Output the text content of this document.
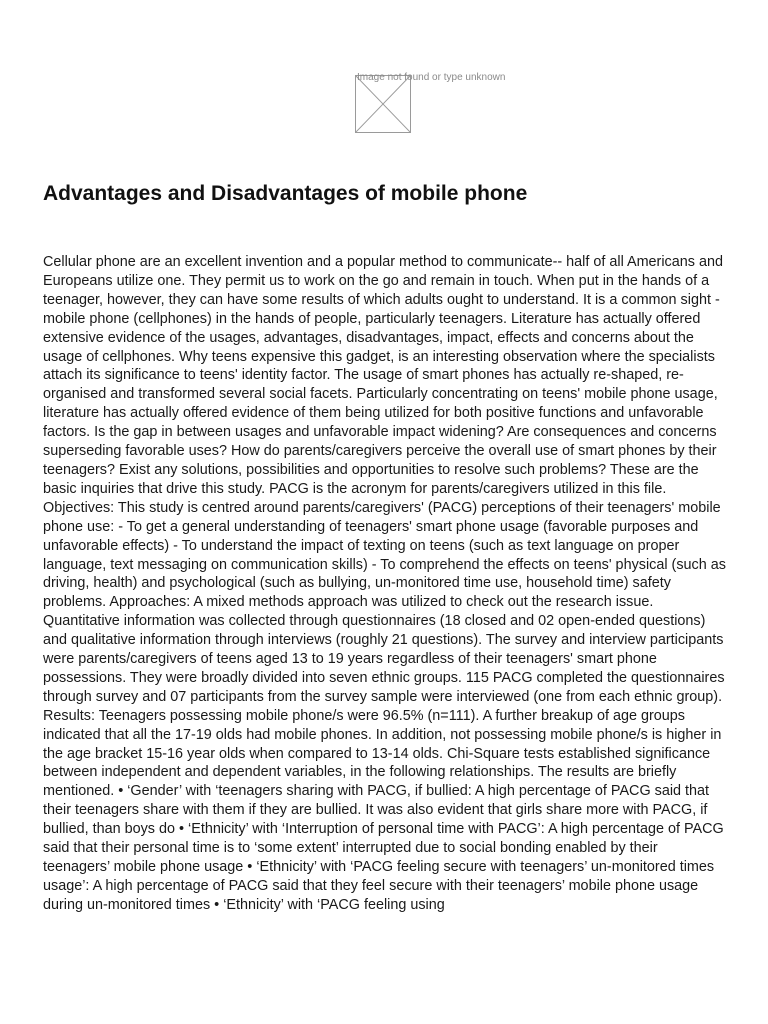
Image not found or type unknown
Advantages and Disadvantages of mobile phone

Cellular phone are an excellent invention and a popular method to communicate-- half of all Americans and Europeans utilize one. They permit us to work on the go and remain in touch. When put in the hands of a teenager, however, they can have some results of which adults ought to understand. It is a common sight - mobile phone (cellphones) in the hands of people, particularly teenagers. Literature has actually offered extensive evidence of the usages, advantages, disadvantages, impact, effects and concerns about the usage of cellphones. Why teens expensive this gadget, is an interesting observation where the specialists attach its significance to teens' identity factor. The usage of smart phones has actually re-shaped, re-organised and transformed several social facets. Particularly concentrating on teens' mobile phone usage, literature has actually offered evidence of them being utilized for both positive functions and unfavorable factors. Is the gap in between usages and unfavorable impact widening? Are consequences and concerns superseding favorable uses? How do parents/caregivers perceive the overall use of smart phones by their teenagers? Exist any solutions, possibilities and opportunities to resolve such problems? These are the basic inquiries that drive this study. PACG is the acronym for parents/caregivers utilized in this file. Objectives: This study is centred around parents/caregivers' (PACG) perceptions of their teenagers' mobile phone use: - To get a general understanding of teenagers' smart phone usage (favorable purposes and unfavorable effects) - To understand the impact of texting on teens (such as text language on proper language, text messaging on communication skills) - To comprehend the effects on teens' physical (such as driving, health) and psychological (such as bullying, un-monitored time use, household time) safety problems. Approaches: A mixed methods approach was utilized to check out the research issue. Quantitative information was collected through questionnaires (18 closed and 02 open-ended questions) and qualitative information through interviews (roughly 21 questions). The survey and interview participants were parents/caregivers of teens aged 13 to 19 years regardless of their teenagers' smart phone possessions. They were broadly divided into seven ethnic groups. 115 PACG completed the questionnaires through survey and 07 participants from the survey sample were interviewed (one from each ethnic group). Results: Teenagers possessing mobile phone/s were 96.5% (n=111). A further breakup of age groups indicated that all the 17-19 olds had mobile phones. In addition, not possessing mobile phone/s is higher in the age bracket 15-16 year olds when compared to 13-14 olds. Chi-Square tests established significance between independent and dependent variables, in the following relationships. The results are briefly mentioned. • ‘Gender’ with ‘teenagers sharing with PACG, if bullied: A high percentage of PACG said that their teenagers share with them if they are bullied. It was also evident that girls share more with PACG, if bullied, than boys do • ‘Ethnicity’ with ‘Interruption of personal time with PACG’: A high percentage of PACG said that their personal time is to ‘some extent’ interrupted due to social bonding enabled by their teenagers’ mobile phone usage • ‘Ethnicity’ with ‘PACG feeling secure with teenagers’ un-monitored times usage’: A high percentage of PACG said that they feel secure with their teenagers’ mobile phone usage during un-monitored times • ‘Ethnicity’ with ‘PACG feeling using
